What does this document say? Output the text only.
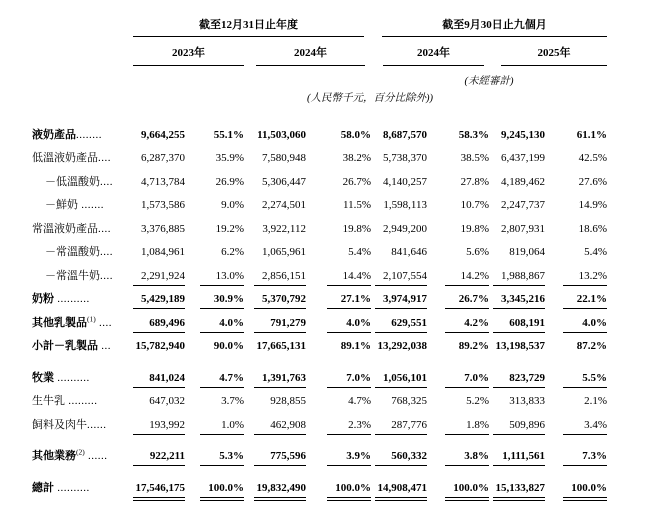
截至12月31日止年度	截至9月30日止九個月
2023年	2024年	2024年	2025年
(未經審計)
(人民幣千元，百分比除外))
液奶產品........	9,664,255	55.1%	11,503,060	58.0%	8,687,570	58.3%	9,245,130	61.1%
低溫液奶產品....	6,287,370	35.9%	7,580,948	38.2%	5,738,370	38.5%	6,437,199	42.5%
－低溫酸奶....	4,713,784	26.9%	5,306,447	26.7%	4,140,257	27.8%	4,189,462	27.6%
－鮮奶 .......	1,573,586	9.0%	2,274,501	11.5%	1,598,113	10.7%	2,247,737	14.9%
常溫液奶產品....	3,376,885	19.2%	3,922,112	19.8%	2,949,200	19.8%	2,807,931	18.6%
－常溫酸奶....	1,084,961	6.2%	1,065,961	5.4%	841,646	5.6%	819,064	5.4%
－常溫牛奶....	2,291,924	13.0%	2,856,151	14.4%	2,107,554	14.2%	1,988,867	13.2%
奶粉 ..........	5,429,189	30.9%	5,370,792	27.1%	3,974,917	26.7%	3,345,216	22.1%
其他乳製品$^{(1)}$ ....	689,496	4.0%	791,279	4.0%	629,551	4.2%	608,191	4.0%
小計－乳製品 ...	15,782,940	90.0%	17,665,131	89.1% 13,292,038	89.2% 13,198,537	87.2%
牧業 ..........	841,024	4.7%	1,391,763	7.0%	1,056,101	7.0%	823,729	5.5%
生牛乳 .........	647,032	3.7%	928,855	4.7%	768,325	5.2%	313,833	2.1%
飼料及肉牛......	193,992	1.0%	462,908	2.3%	287,776	1.8%	509,896	3.4%
其他業務$^{(2)}$ ......	922,211	5.3%	775,596	3.9%	560,332	3.8%	1,111,561	7.3%
總計 ..........	17,546,175	100.0%	19,832,490	100.0% 14,908,471	100.0% 15,133,827	100.0%
